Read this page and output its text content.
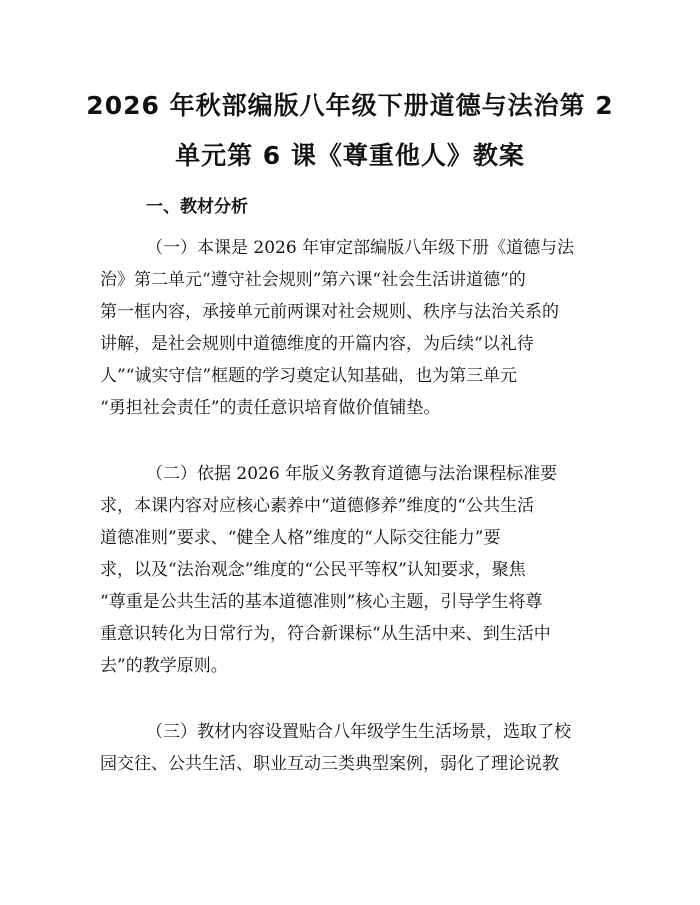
2026 年秋部编版八年级下册道德与法治第 2
单元第 6 课《尊重他人》教案
一、教材分析
（一）本课是 2026 年审定部编版八年级下册《道德与法
治》第二单元“遵守社会规则”第六课“社会生活讲道德”的
第一框内容，承接单元前两课对社会规则、秩序与法治关系的
讲解，是社会规则中道德维度的开篇内容，为后续“以礼待
人”“诚实守信”框题的学习奠定认知基础，也为第三单元
“勇担社会责任”的责任意识培育做价值铺垫。
（二）依据 2026 年版义务教育道德与法治课程标准要
求，本课内容对应核心素养中“道德修养”维度的“公共生活
道德准则”要求、“健全人格”维度的“人际交往能力”要
求，以及“法治观念”维度的“公民平等权”认知要求，聚焦
“尊重是公共生活的基本道德准则”核心主题，引导学生将尊
重意识转化为日常行为，符合新课标“从生活中来、到生活中
去”的教学原则。
（三）教材内容设置贴合八年级学生生活场景，选取了校
园交往、公共生活、职业互动三类典型案例，弱化了理论说教
